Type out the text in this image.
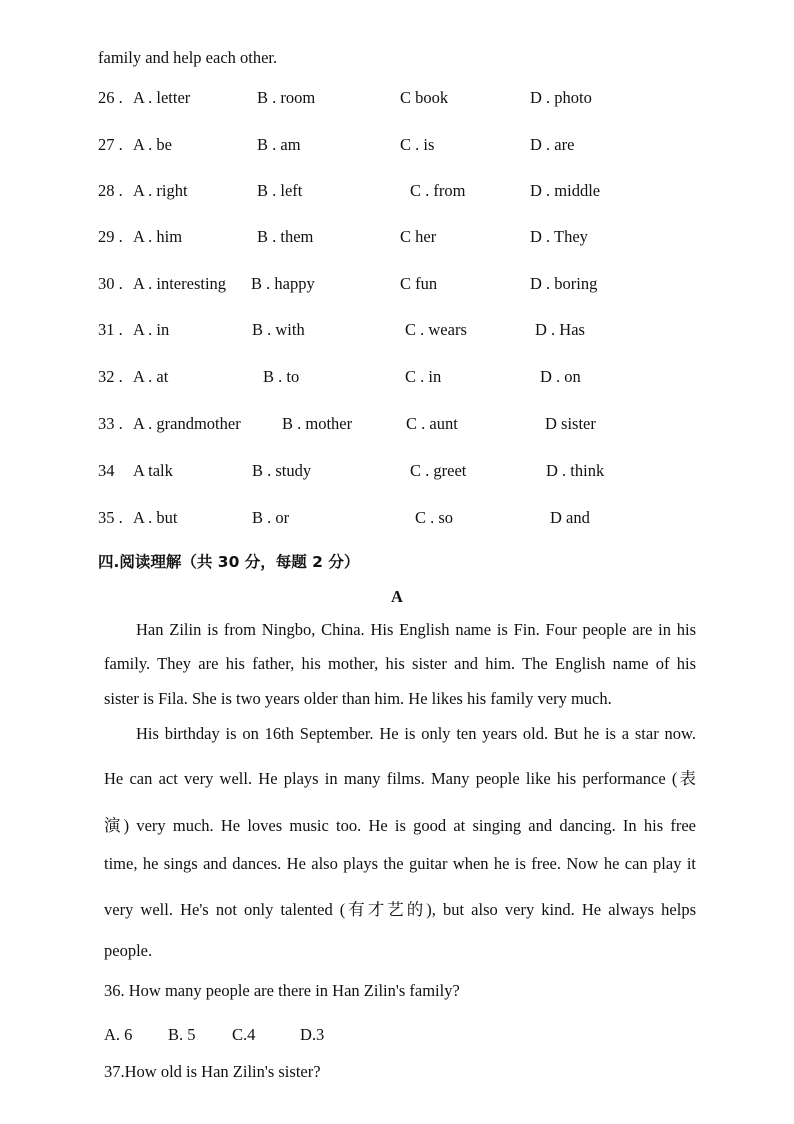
family and help each other.
26 . A . letter	B . room	C book	D . photo
27 . A . be	B . am	C . is	D . are
28 . A . right	B . left	C . from	D . middle
29 . A . him	B . them	C her	D . They
30 . A . interesting B . happy	C fun	D . boring
31 . A . in	B . with	C . wears	D . Has
32 . A . at	B . to	C . in	D . on
33 . A . grandmother	B . mother	C . aunt	D sister
34 A talk	B . study	C . greet	D . think
35 . A . but	B . or	C . so	D and
四.阅读理解（共 30 分，每题 2 分）
A
Han Zilin is from Ningbo, China. His English name is Fin. Four people are in his
family. They are his father, his mother, his sister and him. The English name of his
sister is Fila. She is two years older than him. He likes his family very much.
His birthday is on 16th September. He is only ten years old. But he is a star now.
He can act very well. He plays in many films. Many people like his performance (表
演) very much. He loves music too. He is good at singing and dancing. In his free
time, he sings and dances. He also plays the guitar when he is free. Now he can play it
very well. He's not only talented (有才艺的), but also very kind. He always helps
people.
36. How many people are there in Han Zilin's family?
A. 6 B. 5 C.4	D.3
37.How old is Han Zilin's sister?
